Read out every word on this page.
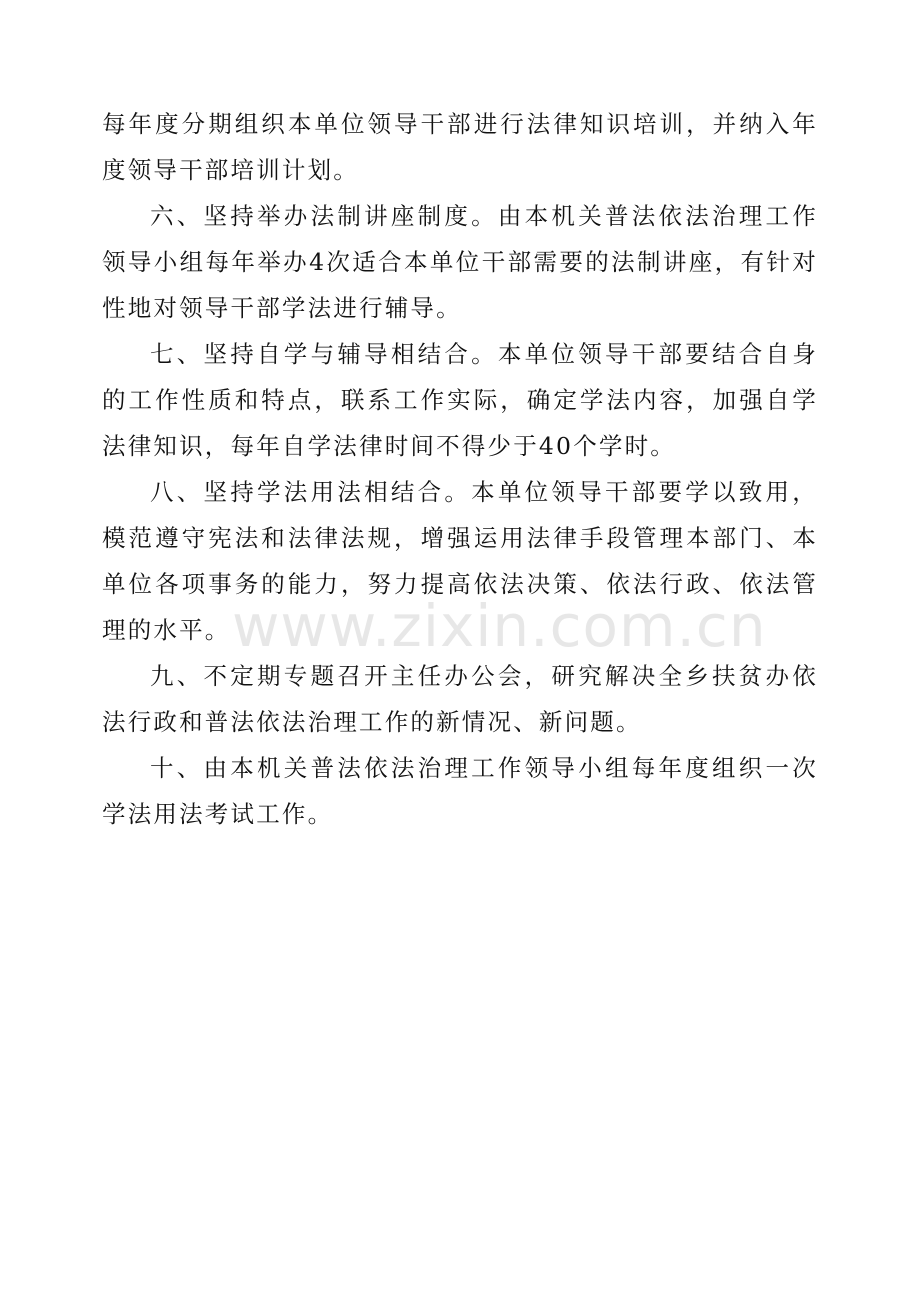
每年度分期组织本单位领导干部进行法律知识培训，并纳入年度领导干部培训计划。

六、坚持举办法制讲座制度。由本机关普法依法治理工作领导小组每年举办4次适合本单位干部需要的法制讲座，有针对性地对领导干部学法进行辅导。

七、坚持自学与辅导相结合。本单位领导干部要结合自身的工作性质和特点，联系工作实际，确定学法内容，加强自学法律知识，每年自学法律时间不得少于40个学时。

八、坚持学法用法相结合。本单位领导干部要学以致用，模范遵守宪法和法律法规，增强运用法律手段管理本部门、本单位各项事务的能力，努力提高依法决策、依法行政、依法管理的水平。

九、不定期专题召开主任办公会，研究解决全乡扶贫办依法行政和普法依法治理工作的新情况、新问题。

十、由本机关普法依法治理工作领导小组每年度组织一次学法用法考试工作。

www.zixin.com.cn
